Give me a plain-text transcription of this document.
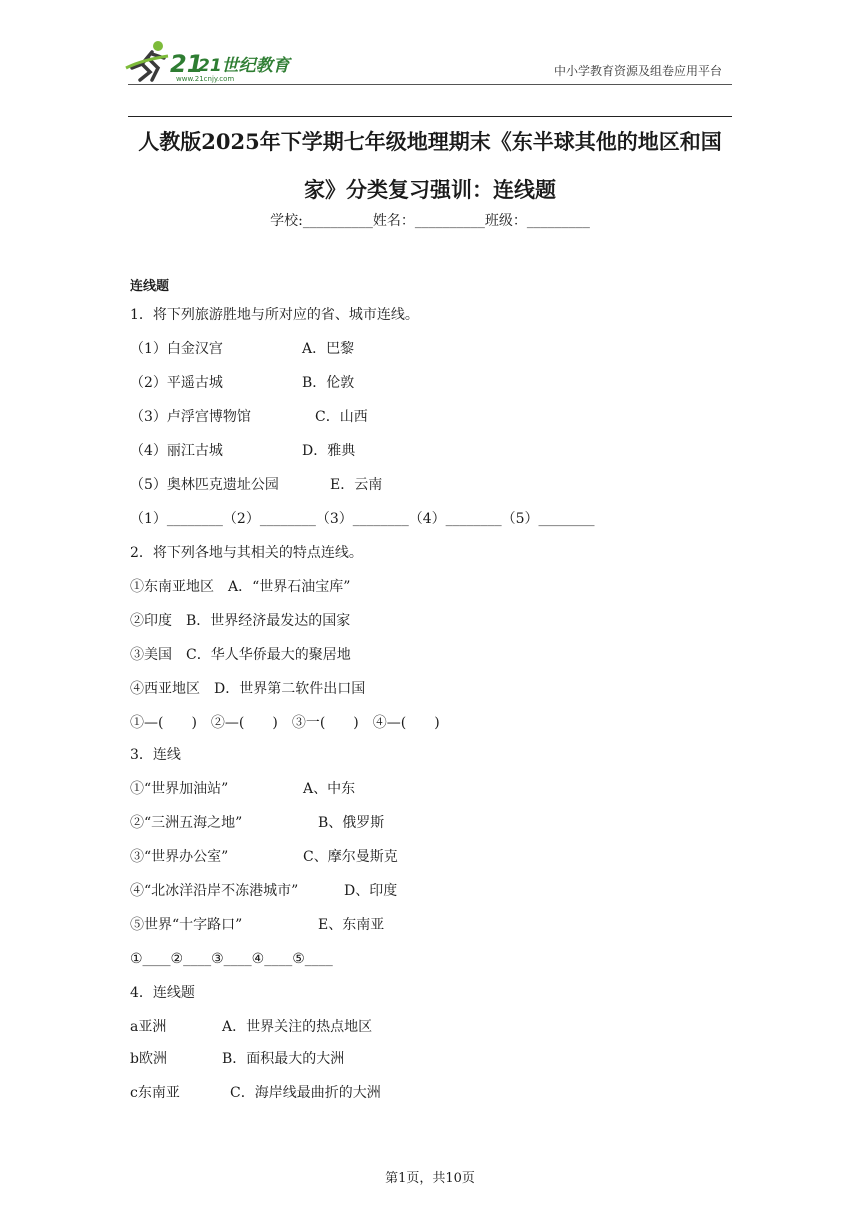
21
21世纪教育
www.21cnjy.com
中小学教育资源及组卷应用平台
人教版2025年下学期七年级地理期末《东半球其他的地区和国
家》分类复习强训：连线题
学校:__________姓名：__________班级：_________
连线题
1．将下列旅游胜地与所对应的省、城市连线。
（1）白金汉宫	A．巴黎
（2）平遥古城	B．伦敦
（3）卢浮宫博物馆	C．山西
（4）丽江古城	D．雅典
（5）奥林匹克遗址公园	E．云南
（1）________（2）________（3）________（4）________（5）________
2．将下列各地与其相关的特点连线。
①东南亚地区　A．“世界石油宝库”
②印度　B．世界经济最发达的国家
③美国　C．华人华侨最大的聚居地
④西亚地区　D．世界第二软件出口国
①—(　　)　②—(　　)　③一(　　)　④—(　　)
3．连线
①“世界加油站”	A、中东
②“三洲五海之地”	B、俄罗斯
③“世界办公室”	C、摩尔曼斯克
④“北冰洋沿岸不冻港城市”	D、印度
⑤世界“十字路口”	E、东南亚
①____②____③____④____⑤____
4．连线题
a亚洲	A．世界关注的热点地区
b欧洲	B．面积最大的大洲
c东南亚	C．海岸线最曲折的大洲
第1页，共10页
